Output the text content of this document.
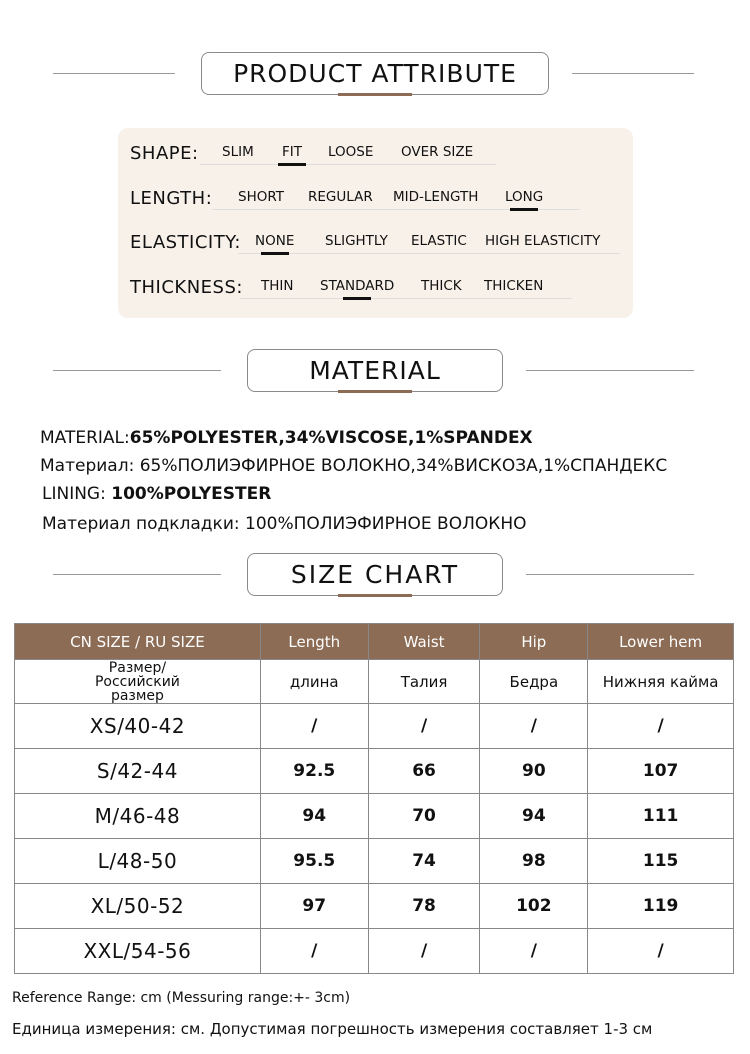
PRODUCT ATTRIBUTE
SHAPE: SLIM FIT LOOSE OVER SIZE
LENGTH: SHORT REGULAR MID-LENGTH LONG
ELASTICITY: NONE SLIGHTLY ELASTIC HIGH ELASTICITY
THICKNESS: THIN STANDARD THICK THICKEN
MATERIAL
MATERIAL:65%POLYESTER,34%VISCOSE,1%SPANDEX
Материал: 65%ПОЛИЭФИРНОЕ ВОЛОКНО,34%ВИСКОЗА,1%СПАНДЕКС
LINING: 100%POLYESTER
Материал подкладки: 100%ПОЛИЭФИРНОЕ ВОЛОКНО
SIZE CHART
CN SIZE / RU SIZE	Length	Waist	Hip	Lower hem
Размер/Российский размер	длина	Талия	Бедра	Нижняя кайма
XS/40-42	/	/	/	/
S/42-44	92.5	66	90	107
M/46-48	94	70	94	111
L/48-50	95.5	74	98	115
XL/50-52	97	78	102	119
XXL/54-56	/	/	/	/
Reference Range: cm (Messuring range:+- 3cm)
Единица измерения: см. Допустимая погрешность измерения составляет 1-3 см
